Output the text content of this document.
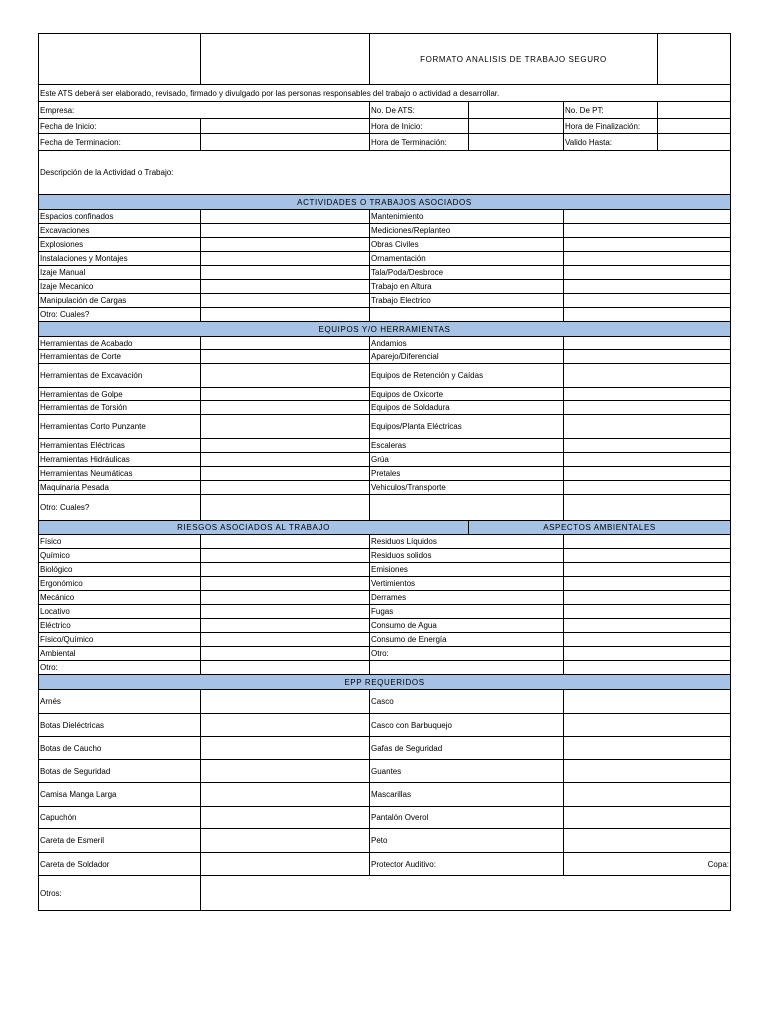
		FORMATO ANALISIS DE TRABAJO SEGURO			
Este ATS deberá ser elaborado, revisado, firmado y divulgado por las personas responsables del trabajo o actividad a desarrollar.					
Empresa:		No. De ATS:		No. De PT:	
Fecha de Inicio:		Hora de Inicio:		Hora de Finalización:	
Fecha de Terminacion:		Hora de Terminación:		Valido Hasta:	
Descripción de la Actividad o Trabajo:					
ACTIVIDADES O TRABAJOS ASOCIADOS					
Espacios confinados		Mantenimiento			
Excavaciones		Mediciones/Replanteo			
Explosiones		Obras Civiles			
Instalaciones y Montajes		Ornamentación			
Izaje Manual		Tala/Poda/Desbroce			
Izaje Mecanico		Trabajo en Altura			
Manipulación de Cargas		Trabajo Electrico			
Otro: Cuales?					
EQUIPOS Y/O HERRAMIENTAS					
Herramientas de Acabado		Andamios			
Herramientas de Corte		Aparejo/Diferencial			
Herramientas de Excavación		Equipos de Retención y Caídas			
Herramientas de Golpe		Equipos de Oxicorte			
Herramientas de Torsión		Equipos de Soldadura			
Herramientas Corto Punzante		Equipos/Planta Eléctricas			
Herramientas Eléctricas		Escaleras			
Herramientas Hidráulicas		Grúa			
Herramientas Neumáticas		Pretales			
Maquinaria Pesada		Vehiculos/Transporte			
Otro: Cuales?					
RIESGOS ASOCIADOS AL TRABAJO			ASPECTOS AMBIENTALES		
Físico		Residuos Líquidos			
Químico		Residuos solidos			
Biológico		Emisiones			
Ergonómico		Vertimientos			
Mecánico		Derrames			
Locativo		Fugas			
Eléctrico		Consumo de Agua			
Físico/Químico		Consumo de Energía			
Ambiental		Otro:			
Otro:					
EPP REQUERIDOS					
Arnés		Casco			
Botas Dieléctricas		Casco con Barbuquejo			
Botas de Caucho		Gafas de Seguridad			
Botas de Seguridad		Guantes			
Camisa Manga Larga		Mascarillas			
Capuchón		Pantalón Overol			
Careta de Esmeril		Peto			
Careta de Soldador		Protector Auditivo:		Copa:	
Otros:					
